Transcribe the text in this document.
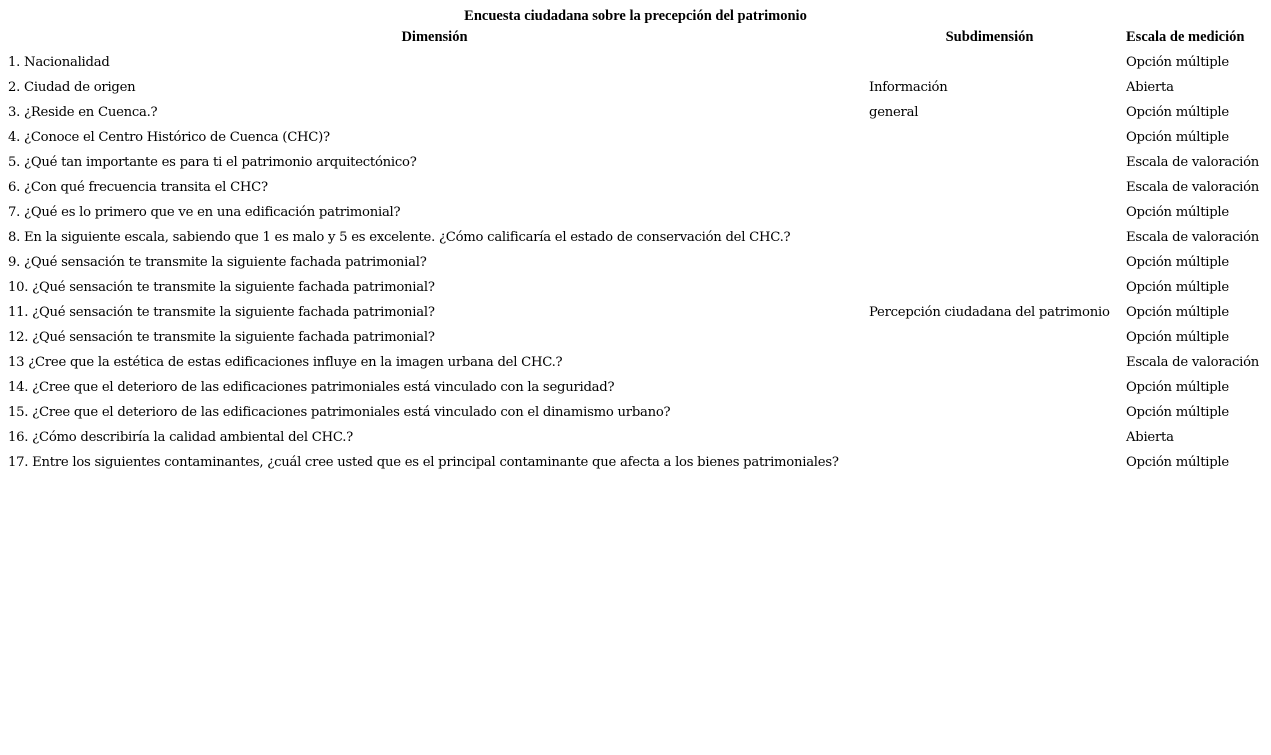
Encuesta ciudadana sobre la precepción del patrimonio
Dimensión	Subdimensión	Escala de medición
1. Nacionalidad		Opción múltiple
2. Ciudad de origen	Información	Abierta
3. ¿Reside en Cuenca.?	general	Opción múltiple
4. ¿Conoce el Centro Histórico de Cuenca (CHC)?		Opción múltiple
5. ¿Qué tan importante es para ti el patrimonio arquitectónico?		Escala de valoración
6. ¿Con qué frecuencia transita el CHC?		Escala de valoración
7. ¿Qué es lo primero que ve en una edificación patrimonial?		Opción múltiple
8. En la siguiente escala, sabiendo que 1 es malo y 5 es excelente. ¿Cómo calificaría el estado de conservación del CHC.?		Escala de valoración
9. ¿Qué sensación te transmite la siguiente fachada patrimonial?		Opción múltiple
10. ¿Qué sensación te transmite la siguiente fachada patrimonial?		Opción múltiple
11. ¿Qué sensación te transmite la siguiente fachada patrimonial?	Percepción ciudadana del patrimonio	Opción múltiple
12. ¿Qué sensación te transmite la siguiente fachada patrimonial?		Opción múltiple
13 ¿Cree que la estética de estas edificaciones influye en la imagen urbana del CHC.?		Escala de valoración
14. ¿Cree que el deterioro de las edificaciones patrimoniales está vinculado con la seguridad?		Opción múltiple
15. ¿Cree que el deterioro de las edificaciones patrimoniales está vinculado con el dinamismo urbano?		Opción múltiple
16. ¿Cómo describiría la calidad ambiental del CHC.?		Abierta
17. Entre los siguientes contaminantes, ¿cuál cree usted que es el principal contaminante que afecta a los bienes patrimoniales?		Opción múltiple
